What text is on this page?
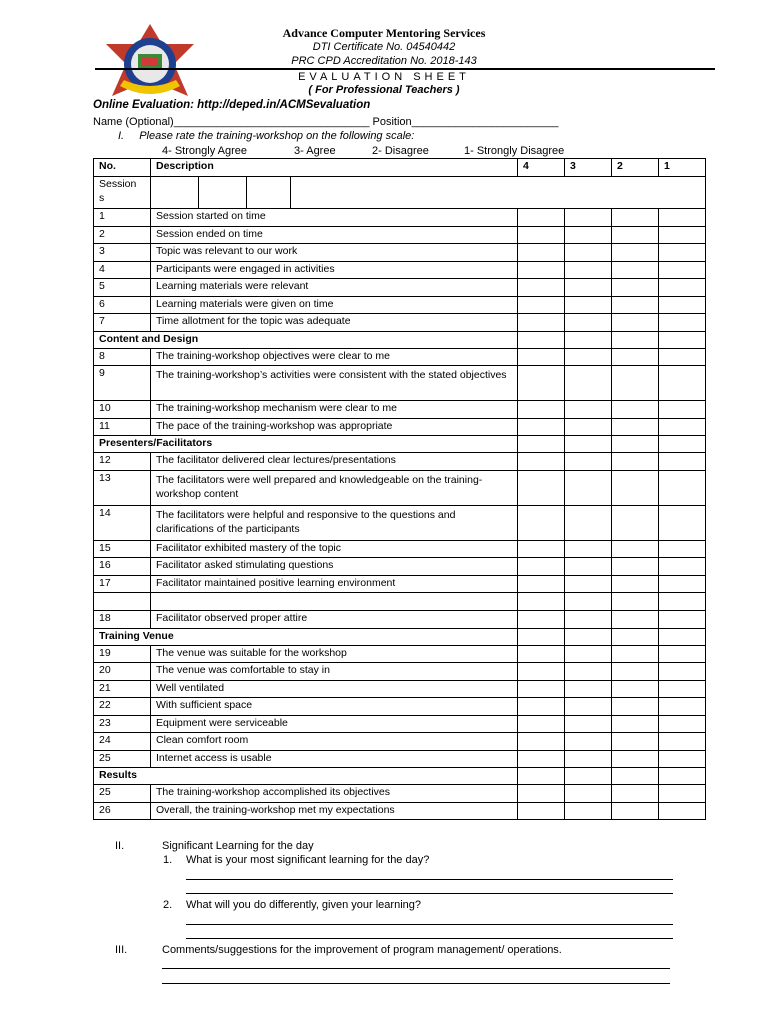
Advance Computer Mentoring Services
DTI Certificate No. 04540442
PRC CPD Accreditation No. 2018-143
EVALUATION SHEET
( For Professional Teachers )
Online Evaluation: http://deped.in/ACMSevaluation
Name (Optional)________________________________ Position________________________
I. Please rate the training-workshop on the following scale:
4- Strongly Agree	3- Agree	2- Disagree	1- Strongly Disagree
No.	Description	4	3	2	1

Session s					

1	Session started on time				
2	Session ended on time				
3	Topic was relevant to our work				
4	Participants were engaged in activities				
5	Learning materials were relevant				
6	Learning materials were given on time				
7	Time allotment for the topic was adequate				
Content and Design					
8	The training-workshop objectives were clear to me				
9	The training-workshop’s activities were consistent with the stated objectives				
10	The training-workshop mechanism were clear to me				
11	The pace of the training-workshop was appropriate				
Presenters/Facilitators					
12	The facilitator delivered clear lectures/presentations				
13	The facilitators were well prepared and knowledgeable on the training-workshop content				
14	The facilitators were helpful and responsive to the questions and clarifications of the participants				
15	Facilitator exhibited mastery of the topic				
16	Facilitator asked stimulating questions				
17	Facilitator maintained positive learning environment				

18	Facilitator observed proper attire				
Training Venue					
19	The venue was suitable for the workshop				
20	The venue was comfortable to stay in				
21	Well ventilated				
22	With sufficient space				
23	Equipment were serviceable				
24	Clean comfort room				
25	Internet access is usable				
Results					
25	The training-workshop accomplished its objectives				
26	Overall, the training-workshop met my expectations				
II.	Significant Learning for the day
1. What is your most significant learning for the day?
2. What will you do differently, given your learning?
III.	Comments/suggestions for the improvement of program management/ operations.
